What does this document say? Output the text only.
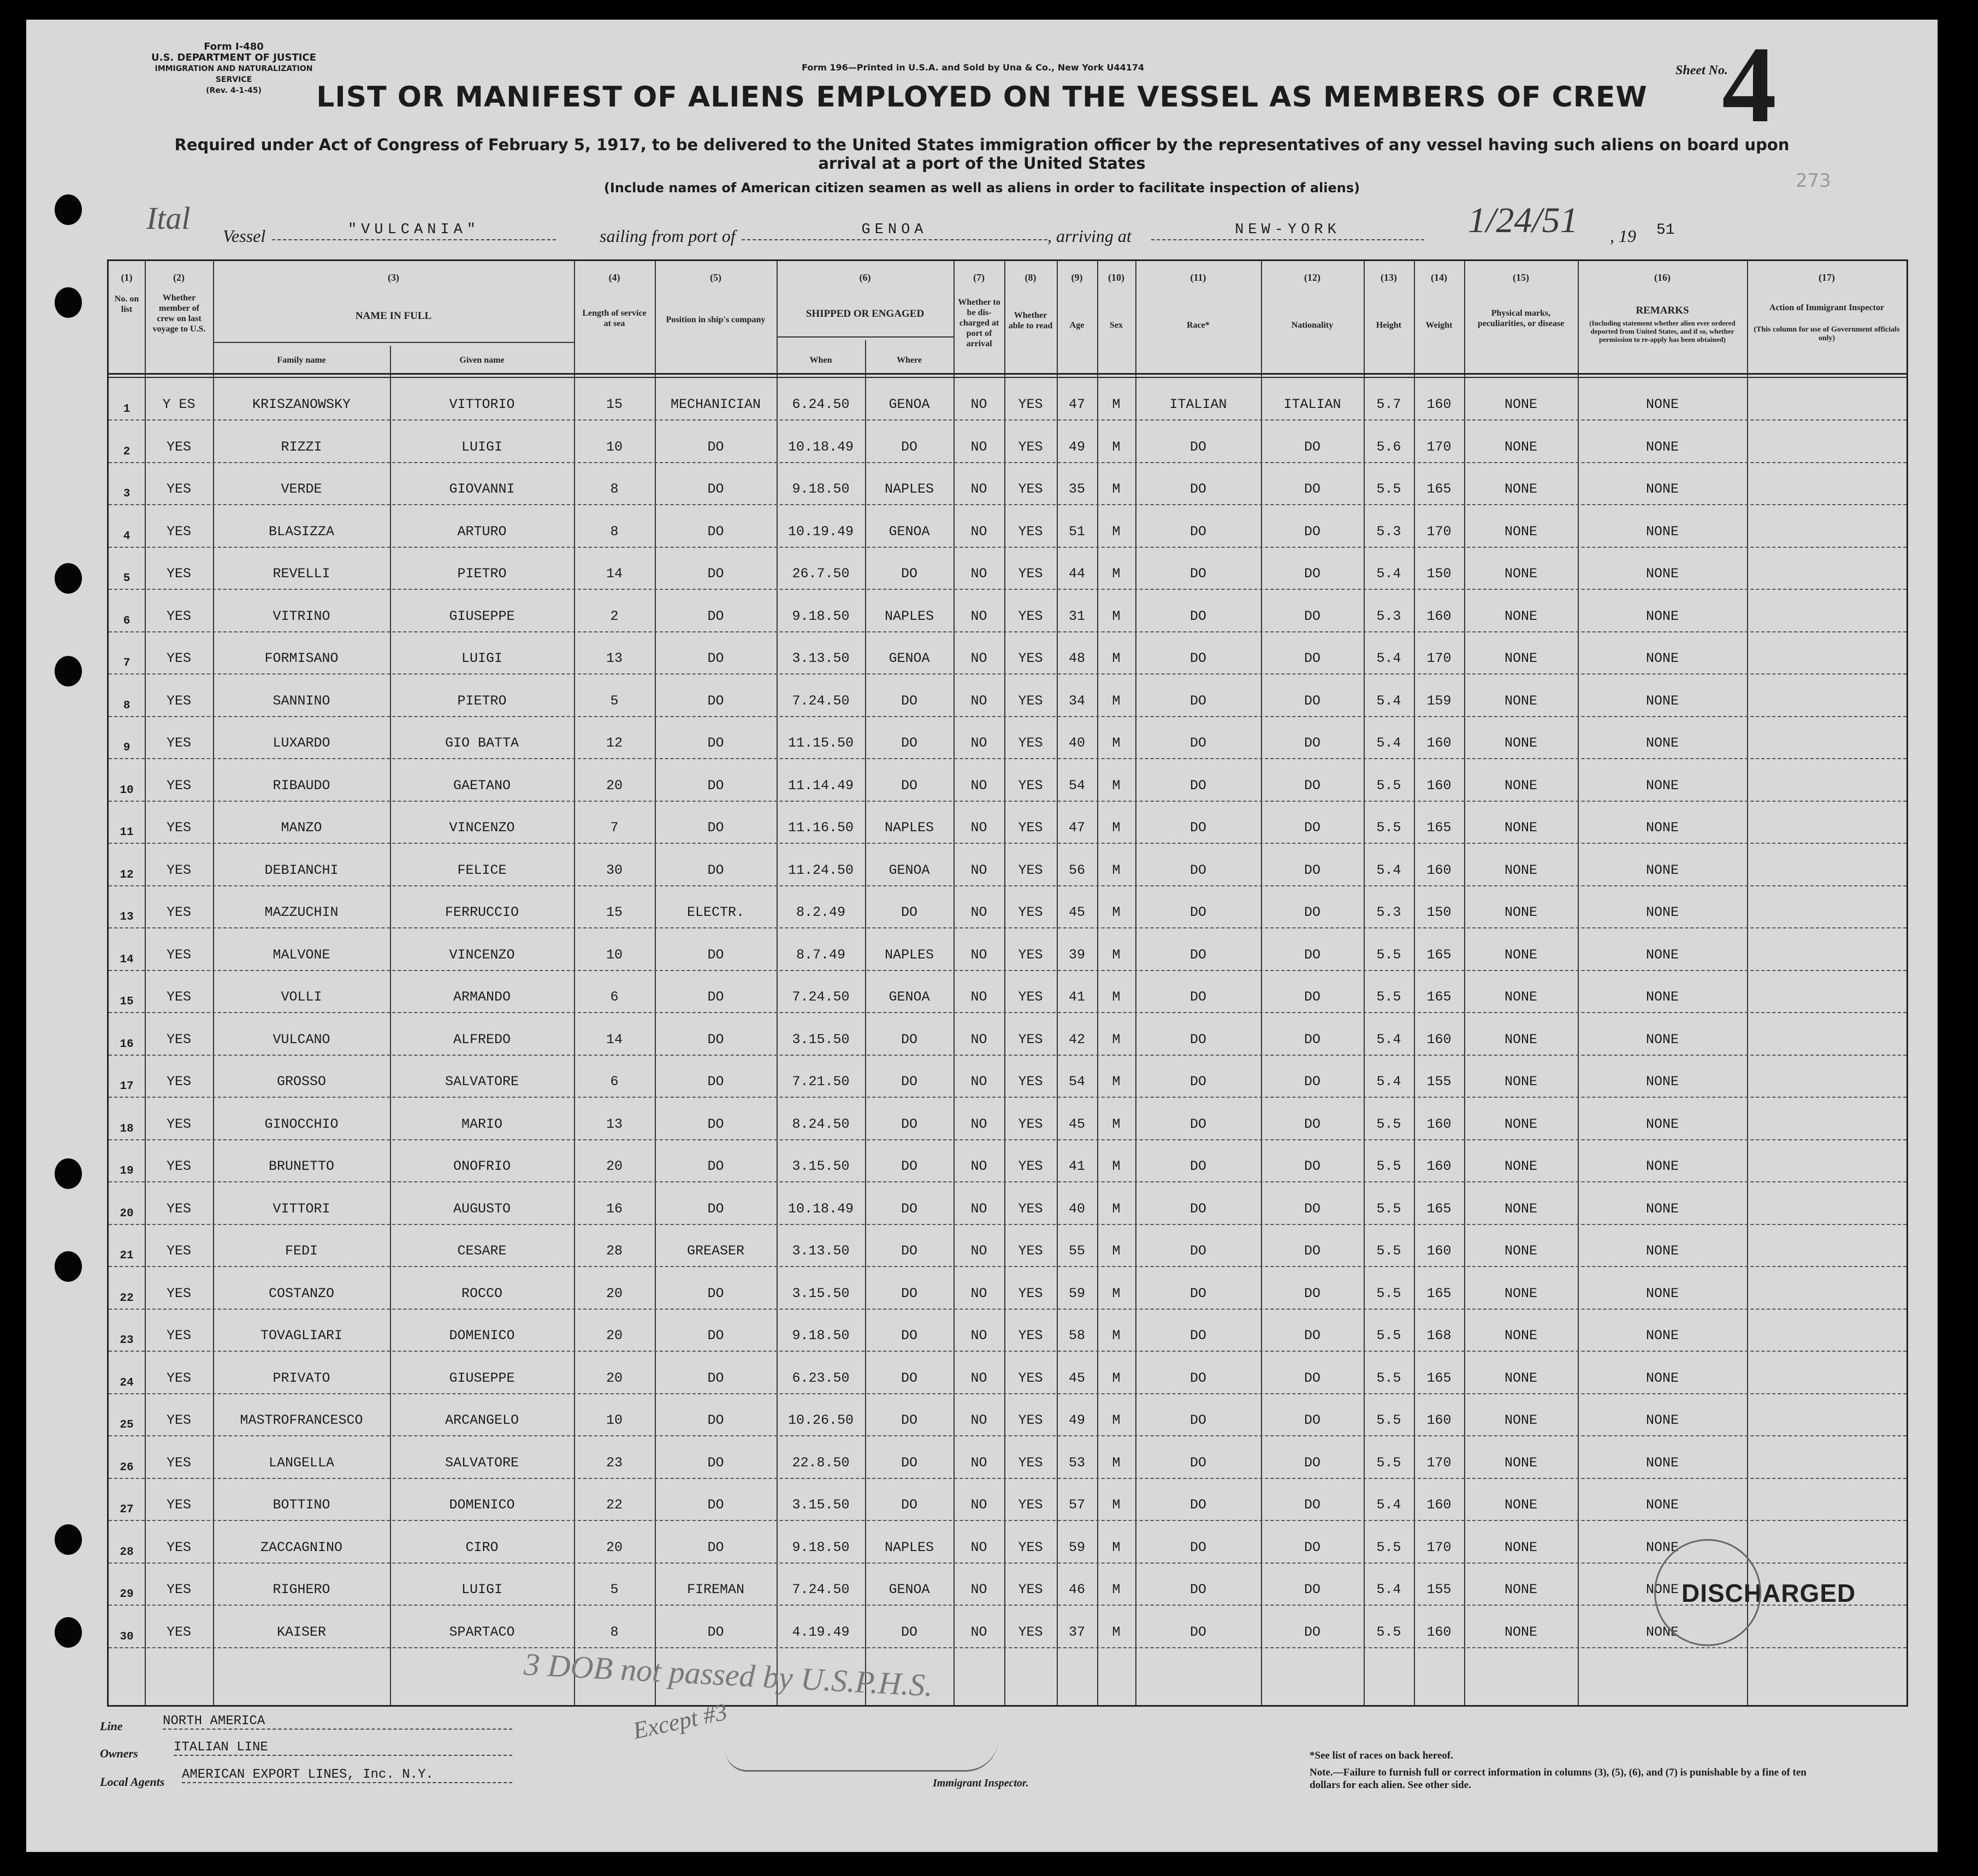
Form I-480
U.S. DEPARTMENT OF JUSTICE
IMMIGRATION AND NATURALIZATION SERVICE
(Rev. 4-1-45)
Form 196—Printed in U.S.A. and Sold by Una & Co., New York U44174	Sheet No.
4
273
LIST OR MANIFEST OF ALIENS EMPLOYED ON THE VESSEL AS MEMBERS OF CREW
Required under Act of Congress of February 5, 1917, to be delivered to the United States immigration officer by the representatives of any vessel having such aliens on board upon arrival at a port of the United States
(Include names of American citizen seamen as well as aliens in order to facilitate inspection of aliens)
Ital Vessel	"VULCANIA"	sailing from port of	GENOA	, arriving at	NEW-YORK	1/24/51 , 19 51
(1)	(2)	(3)	(4)	(5)	(6)	(7)	(8)	(9)	(10)	(11)	(12)	(13)	(14)	(15)	(16)	(17)
No. on list
Whether member of crew on last voyage to U.S.
NAME IN FULL
Family name	Given name
Length of service at sea	Position in ship's company
SHIPPED OR ENGAGED
When	Where
Whether to be dis-charged at port of arrival
Whether able to read	Age	Sex	Race*	Nationality	Height	Weight
Physical marks, peculiarities, or disease
REMARKS
(Including statement whether alien ever ordered deported from United States, and if so, whether permission to re-apply has been obtained)
Action of Immigrant Inspector
(This column for use of Government officials only)
1	Y ES	KRISZANOWSKY	VITTORIO	15	MECHANICIAN	6.24.50	GENOA	NO	YES	47	M	ITALIAN	ITALIAN	5.7	160	NONE	NONE
2	YES	RIZZI	LUIGI	10	DO	10.18.49	DO	NO	YES	49	M	DO	DO	5.6	170	NONE	NONE
3	YES	VERDE	GIOVANNI	8	DO	9.18.50	NAPLES	NO	YES	35	M	DO	DO	5.5	165	NONE	NONE
4	YES	BLASIZZA	ARTURO	8	DO	10.19.49	GENOA	NO	YES	51	M	DO	DO	5.3	170	NONE	NONE
5	YES	REVELLI	PIETRO	14	DO	26.7.50	DO	NO	YES	44	M	DO	DO	5.4	150	NONE	NONE
6	YES	VITRINO	GIUSEPPE	2	DO	9.18.50	NAPLES	NO	YES	31	M	DO	DO	5.3	160	NONE	NONE
7	YES	FORMISANO	LUIGI	13	DO	3.13.50	GENOA	NO	YES	48	M	DO	DO	5.4	170	NONE	NONE
8	YES	SANNINO	PIETRO	5	DO	7.24.50	DO	NO	YES	34	M	DO	DO	5.4	159	NONE	NONE
9	YES	LUXARDO	GIO BATTA	12	DO	11.15.50	DO	NO	YES	40	M	DO	DO	5.4	160	NONE	NONE
10	YES	RIBAUDO	GAETANO	20	DO	11.14.49	DO	NO	YES	54	M	DO	DO	5.5	160	NONE	NONE
11	YES	MANZO	VINCENZO	7	DO	11.16.50	NAPLES	NO	YES	47	M	DO	DO	5.5	165	NONE	NONE
12	YES	DEBIANCHI	FELICE	30	DO	11.24.50	GENOA	NO	YES	56	M	DO	DO	5.4	160	NONE	NONE
13	YES	MAZZUCHIN	FERRUCCIO	15	ELECTR.	8.2.49	DO	NO	YES	45	M	DO	DO	5.3	150	NONE	NONE
14	YES	MALVONE	VINCENZO	10	DO	8.7.49	NAPLES	NO	YES	39	M	DO	DO	5.5	165	NONE	NONE
15	YES	VOLLI	ARMANDO	6	DO	7.24.50	GENOA	NO	YES	41	M	DO	DO	5.5	165	NONE	NONE
16	YES	VULCANO	ALFREDO	14	DO	3.15.50	DO	NO	YES	42	M	DO	DO	5.4	160	NONE	NONE
17	YES	GROSSO	SALVATORE	6	DO	7.21.50	DO	NO	YES	54	M	DO	DO	5.4	155	NONE	NONE
18	YES	GINOCCHIO	MARIO	13	DO	8.24.50	DO	NO	YES	45	M	DO	DO	5.5	160	NONE	NONE
19	YES	BRUNETTO	ONOFRIO	20	DO	3.15.50	DO	NO	YES	41	M	DO	DO	5.5	160	NONE	NONE
20	YES	VITTORI	AUGUSTO	16	DO	10.18.49	DO	NO	YES	40	M	DO	DO	5.5	165	NONE	NONE
21	YES	FEDI	CESARE	28	GREASER	3.13.50	DO	NO	YES	55	M	DO	DO	5.5	160	NONE	NONE
22	YES	COSTANZO	ROCCO	20	DO	3.15.50	DO	NO	YES	59	M	DO	DO	5.5	165	NONE	NONE
23	YES	TOVAGLIARI	DOMENICO	20	DO	9.18.50	DO	NO	YES	58	M	DO	DO	5.5	168	NONE	NONE
24	YES	PRIVATO	GIUSEPPE	20	DO	6.23.50	DO	NO	YES	45	M	DO	DO	5.5	165	NONE	NONE
25	YES	MASTROFRANCESCO	ARCANGELO	10	DO	10.26.50	DO	NO	YES	49	M	DO	DO	5.5	160	NONE	NONE
26	YES	LANGELLA	SALVATORE	23	DO	22.8.50	DO	NO	YES	53	M	DO	DO	5.5	170	NONE	NONE
27	YES	BOTTINO	DOMENICO	22	DO	3.15.50	DO	NO	YES	57	M	DO	DO	5.4	160	NONE	NONE
28	YES	ZACCAGNINO	CIRO	20	DO	9.18.50	NAPLES	NO	YES	59	M	DO	DO	5.5	170	NONE	NONE
29	YES	RIGHERO	LUIGI	5	FIREMAN	7.24.50	GENOA	NO	YES	46	M	DO	DO	5.4	155	NONE	NONE
30	YES	KAISER	SPARTACO	8	DO	4.19.49	DO	NO	YES	37	M	DO	DO	5.5	160	NONE	NONE
DISCHARGED
3 DOB not passed by U.S.P.H.S.
Line	NORTH AMERICA
Owners	ITALIAN LINE
Local Agents AMERICAN EXPORT LINES, Inc. N.Y.
Except #3
Immigrant Inspector.
*See list of races on back hereof.
Note.—Failure to furnish full or correct information in columns (3), (5), (6), and (7) is punishable by a fine of ten dollars for each alien. See other side.
